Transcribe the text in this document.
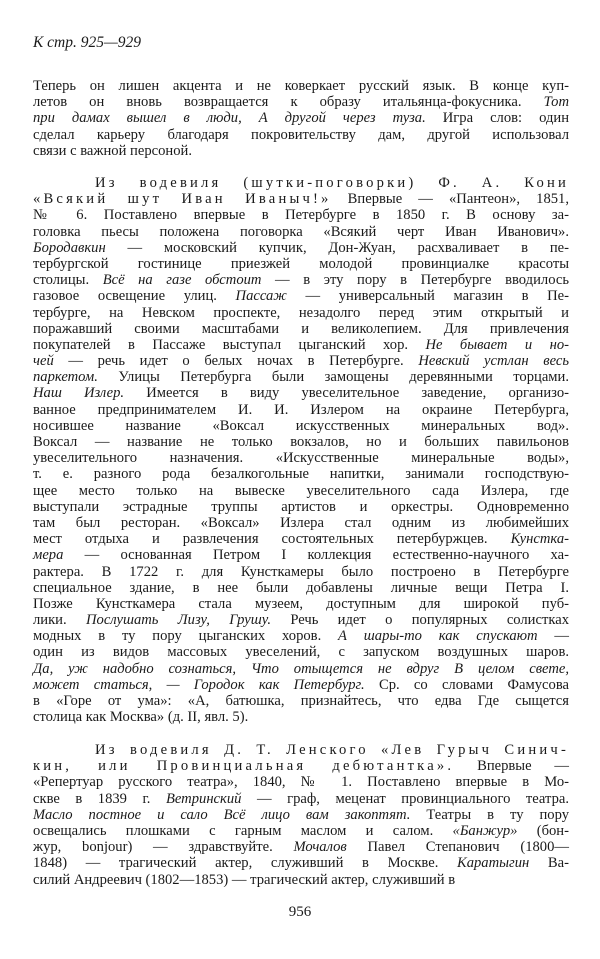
К стр. 925—929
Теперь он лишен акцента и не коверкает русский язык. В конце куп-
летов он вновь возвращается к образу итальянца-фокусника. Тот
при дамах вышел в люди, А другой через туза. Игра слов: один
сделал карьеру благодаря покровительству дам, другой использовал
связи с важной персоной.
Из водевиля (шутки-поговорки) Ф. А. Кони
«Всякий шут Иван Иваныч!» Впервые — «Пантеон», 1851,
№ 6. Поставлено впервые в Петербурге в 1850 г. В основу за-
головка пьесы положена поговорка «Всякий черт Иван Иванович».
Бородавкин — московский купчик, Дон-Жуан, расхваливает в пе-
тербургской гостинице приезжей молодой провинциалке красоты
столицы. Всё на газе обстоит — в эту пору в Петербурге вводилось
газовое освещение улиц. Пассаж — универсальный магазин в Пе-
тербурге, на Невском проспекте, незадолго перед этим открытый и
поражавший своими масштабами и великолепием. Для привлечения
покупателей в Пассаже выступал цыганский хор. Не бывает и но-
чей — речь идет о белых ночах в Петербурге. Невский устлан весь
паркетом. Улицы Петербурга были замощены деревянными торцами.
Наш Излер. Имеется в виду увеселительное заведение, организо-
ванное предпринимателем И. И. Излером на окраине Петербурга,
носившее название «Воксал искусственных минеральных вод».
Воксал — название не только вокзалов, но и больших павильонов
увеселительного назначения. «Искусственные минеральные воды»,
т. е. разного рода безалкогольные напитки, занимали господствую-
щее место только на вывеске увеселительного сада Излера, где
выступали эстрадные труппы артистов и оркестры. Одновременно
там был ресторан. «Воксал» Излера стал одним из любимейших
мест отдыха и развлечения состоятельных петербуржцев. Кунстка-
мера — основанная Петром I коллекция естественно-научного ха-
рактера. В 1722 г. для Кунсткамеры было построено в Петербурге
специальное здание, в нее были добавлены личные вещи Петра I.
Позже Кунсткамера стала музеем, доступным для широкой пуб-
лики. Послушать Лизу, Грушу. Речь идет о популярных солистках
модных в ту пору цыганских хоров. А шары-то как спускают —
один из видов массовых увеселений, с запуском воздушных шаров.
Да, уж надобно сознаться, Что отыщется не вдруг В целом свете,
может статься, — Городок как Петербург. Ср. со словами Фамусова
в «Горе от ума»: «А, батюшка, признайтесь, что едва Где сыщется
столица как Москва» (д. II, явл. 5).
Из водевиля Д. Т. Ленского «Лев Гурыч Синич-
кин, или Провинциальная дебютантка». Впервые —
«Репертуар русского театра», 1840, № 1. Поставлено впервые в Мо-
скве в 1839 г. Ветринский — граф, меценат провинциального театра.
Масло постное и сало Всё лицо вам закоптят. Театры в ту пору
освещались плошками с гарным маслом и салом. «Банжур» (бон-
жур, bonjour) — здравствуйте. Мочалов Павел Степанович (1800—
1848) — трагический актер, служивший в Москве. Каратыгин Ва-
силий Андреевич (1802—1853) — трагический актер, служивший в
956
